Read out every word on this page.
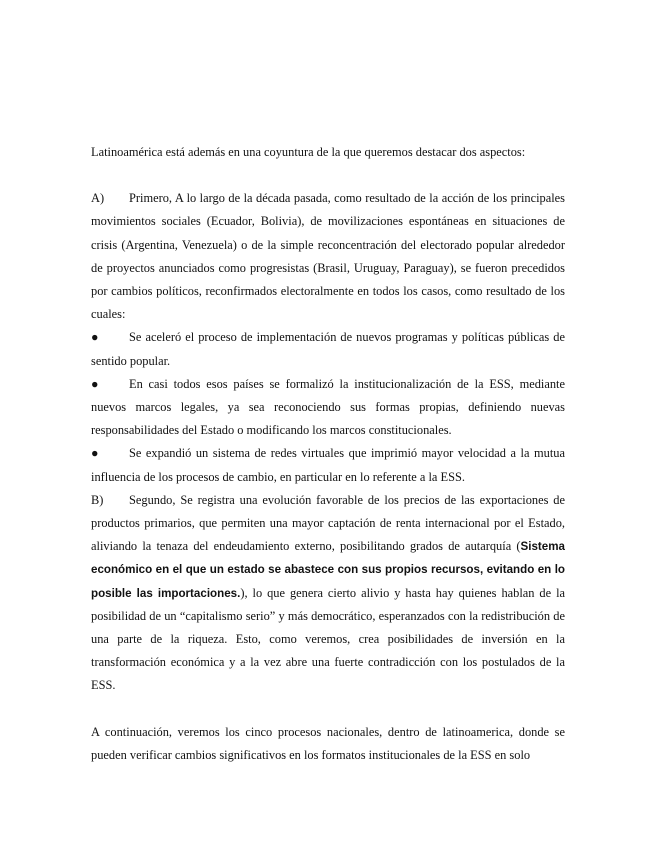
Latinoamérica está además en una coyuntura de la que queremos destacar dos aspectos:

A) Primero, A lo largo de la década pasada, como resultado de la acción de los principales movimientos sociales (Ecuador, Bolivia), de movilizaciones espontáneas en situaciones de crisis (Argentina, Venezuela) o de la simple reconcentración del electorado popular alrededor de proyectos anunciados como progresistas (Brasil, Uruguay, Paraguay), se fueron precedidos por cambios políticos, reconfirmados electoralmente en todos los casos, como resultado de los cuales:

● Se aceleró el proceso de implementación de nuevos programas y políticas públicas de sentido popular.

● En casi todos esos países se formalizó la institucionalización de la ESS, mediante nuevos marcos legales, ya sea reconociendo sus formas propias, definiendo nuevas responsabilidades del Estado o modificando los marcos constitucionales.

● Se expandió un sistema de redes virtuales que imprimió mayor velocidad a la mutua influencia de los procesos de cambio, en particular en lo referente a la ESS.

B) Segundo, Se registra una evolución favorable de los precios de las exportaciones de productos primarios, que permiten una mayor captación de renta internacional por el Estado, aliviando la tenaza del endeudamiento externo, posibilitando grados de autarquía (Sistema económico en el que un estado se abastece con sus propios recursos, evitando en lo posible las importaciones.), lo que genera cierto alivio y hasta hay quienes hablan de la posibilidad de un “capitalismo serio” y más democrático, esperanzados con la redistribución de una parte de la riqueza. Esto, como veremos, crea posibilidades de inversión en la transformación económica y a la vez abre una fuerte contradicción con los postulados de la ESS.

A continuación, veremos los cinco procesos nacionales, dentro de latinoamerica, donde se pueden verificar cambios significativos en los formatos institucionales de la ESS en solo
